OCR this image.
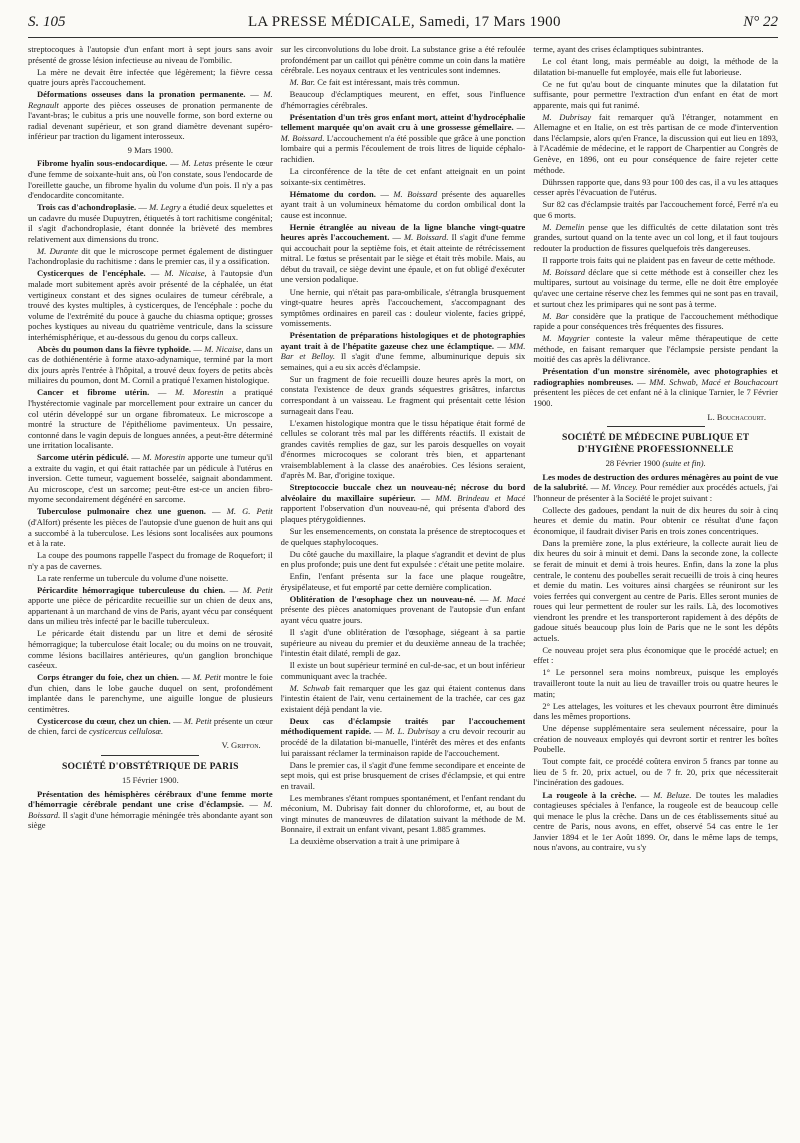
S. 105	LA PRESSE MÉDICALE, Samedi, 17 Mars 1900	N° 22

streptocoques à l'autopsie d'un enfant mort à sept jours sans avoir présenté de grosse lésion infectieuse au niveau de l'ombilic.

La mère ne devait être infectée que légèrement; la fièvre cessa quatre jours après l'accouchement.

Déformations osseuses dans la pronation permanente. — M. Regnault apporte des pièces osseuses de pronation permanente de l'avant-bras; le cubitus a pris une nouvelle forme, son bord externe ou radial devenant supérieur, et son grand diamètre devenant supéro-inférieur par traction du ligament interosseux.

9 Mars 1900.

Fibrome hyalin sous-endocardique. — M. Letas présente le cœur d'une femme de soixante-huit ans, où l'on constate, sous l'endocarde de l'oreillette gauche, un fibrome hyalin du volume d'un pois. Il n'y a pas d'endocardite concomitante.

Trois cas d'achondroplasie. — M. Legry a étudié deux squelettes et un cadavre du musée Dupuytren, étiquetés à tort rachitisme congénital; il s'agit d'achondroplasie, étant donnée la brièveté des membres relativement aux dimensions du tronc.

M. Durante dit que le microscope permet également de distinguer l'achondroplasie du rachitisme : dans le premier cas, il y a ossification.

Cysticerques de l'encéphale. — M. Nicaise, à l'autopsie d'un malade mort subitement après avoir présenté de la céphalée, un état vertigineux constant et des signes oculaires de tumeur cérébrale, a trouvé des kystes multiples, à cysticerques, de l'encéphale : poche du volume de l'extrémité du pouce à gauche du chiasma optique; grosses poches kystiques au niveau du quatrième ventricule, dans la scissure interhémisphérique, et au-dessous du genou du corps calleux.

Abcès du poumon dans la fièvre typhoïde. — M. Nicaise, dans un cas de dothiénentérie à forme ataxo-adynamique, terminé par la mort dix jours après l'entrée à l'hôpital, a trouvé deux foyers de petits abcès miliaires du poumon, dont M. Cornil a pratiqué l'examen histologique.

Cancer et fibrome utérin. — M. Morestin a pratiqué l'hystérectomie vaginale par morcellement pour extraire un cancer du col utérin développé sur un organe fibromateux. Le microscope a montré la structure de l'épithéliome pavimenteux. Un pessaire, contonné dans le vagin depuis de longues années, a peut-être déterminé une irritation localisante.

Sarcome utérin pédiculé. — M. Morestin apporte une tumeur qu'il a extraite du vagin, et qui était rattachée par un pédicule à l'utérus en inversion. Cette tumeur, vaguement bosselée, saignait abondamment. Au microscope, c'est un sarcome; peut-être est-ce un ancien fibro-myome secondairement dégénéré en sarcome.

Tuberculose pulmonaire chez une guenon. — M. G. Petit (d'Alfort) présente les pièces de l'autopsie d'une guenon de huit ans qui a succombé à la tuberculose. Les lésions sont localisées aux poumons et à la rate.

La coupe des poumons rappelle l'aspect du fromage de Roquefort; il n'y a pas de cavernes.

La rate renferme un tubercule du volume d'une noisette.

Péricardite hémorragique tuberculeuse du chien. — M. Petit apporte une pièce de péricardite recueillie sur un chien de deux ans, appartenant à un marchand de vins de Paris, ayant vécu par conséquent dans un milieu très infecté par le bacille tuberculeux.

Le péricarde était distendu par un litre et demi de sérosité hémorragique; la tuberculose était locale; ou du moins on ne trouvait, comme lésions bacillaires antérieures, qu'un ganglion bronchique caséeux.

Corps étranger du foie, chez un chien. — M. Petit montre le foie d'un chien, dans le lobe gauche duquel on sent, profondément implantée dans le parenchyme, une aiguille longue de plusieurs centimètres.

Cysticercose du cœur, chez un chien. — M. Petit présente un cœur de chien, farci de cysticercus cellulosæ.

V. Griffon.

SOCIÉTÉ D'OBSTÉTRIQUE DE PARIS

15 Février 1900.

Présentation des hémisphères cérébraux d'une femme morte d'hémorragie cérébrale pendant une crise d'éclampsie. — M. Boissard. Il s'agit d'une hémorragie méningée très abondante ayant son siège

sur les circonvolutions du lobe droit. La substance grise a été refoulée profondément par un caillot qui pénètre comme un coin dans la matière cérébrale. Les noyaux centraux et les ventricules sont indemnes.

M. Bar. Ce fait est intéressant, mais très commun.

Beaucoup d'éclamptiques meurent, en effet, sous l'influence d'hémorragies cérébrales.

Présentation d'un très gros enfant mort, atteint d'hydrocéphalie tellement marquée qu'on avait cru à une grossesse gémellaire. — M. Boissard. L'accouchement n'a été possible que grâce à une ponction lombaire qui a permis l'écoulement de trois litres de liquide céphalo-rachidien.

La circonférence de la tête de cet enfant atteignait en un point soixante-six centimètres.

Hématome du cordon. — M. Boissard présente des aquarelles ayant trait à un volumineux hématome du cordon ombilical dont la cause est inconnue.

Hernie étranglée au niveau de la ligne blanche vingt-quatre heures après l'accouchement. — M. Boissard. Il s'agit d'une femme qui accouchait pour la septième fois, et était atteinte de rétrécissement mitral. Le fœtus se présentait par le siège et était très mobile. Mais, au début du travail, ce siège devint une épaule, et on fut obligé d'exécuter une version podalique.

Une hernie, qui n'était pas para-ombilicale, s'étrangla brusquement vingt-quatre heures après l'accouchement, s'accompagnant des symptômes ordinaires en pareil cas : douleur violente, facies grippé, vomissements.

Présentation de préparations histologiques et de photographies ayant trait à de l'hépatite gazeuse chez une éclamptique. — MM. Bar et Belloy. Il s'agit d'une femme, albuminurique depuis six semaines, qui a eu six accès d'éclampsie.

Sur un fragment de foie recueilli douze heures après la mort, on constata l'existence de deux grands séquestres grisâtres, infarctus correspondant à un vaisseau. Le fragment qui présentait cette lésion surnageait dans l'eau.

L'examen histologique montra que le tissu hépatique était formé de cellules se colorant très mal par les différents réactifs. Il existait de grandes cavités remplies de gaz, sur les parois desquelles on voyait d'énormes microcoques se colorant très bien, et appartenant vraisemblablement à la classe des anaérobies. Ces lésions seraient, d'après M. Bar, d'origine toxique.

Streptococcie buccale chez un nouveau-né; nécrose du bord alvéolaire du maxillaire supérieur. — MM. Brindeau et Macé rapportent l'observation d'un nouveau-né, qui présenta d'abord des plaques ptérygoïdiennes.

Sur les ensemencements, on constata la présence de streptocoques et de quelques staphylocoques.

Du côté gauche du maxillaire, la plaque s'agrandit et devint de plus en plus profonde; puis une dent fut expulsée : c'était une petite molaire.

Enfin, l'enfant présenta sur la face une plaque rougeâtre, érysipélateuse, et fut emporté par cette dernière complication.

Oblitération de l'œsophage chez un nouveau-né. — M. Macé présente des pièces anatomiques provenant de l'autopsie d'un enfant ayant vécu quatre jours.

Il s'agit d'une oblitération de l'œsophage, siégeant à sa partie supérieure au niveau du premier et du deuxième anneau de la trachée; l'intestin était dilaté, rempli de gaz.

Il existe un bout supérieur terminé en cul-de-sac, et un bout inférieur communiquant avec la trachée.

M. Schwab fait remarquer que les gaz qui étaient contenus dans l'intestin étaient de l'air, venu certainement de la trachée, car ces gaz existaient déjà pendant la vie.

Deux cas d'éclampsie traités par l'accouchement méthodiquement rapide. — M. L. Dubrisay a cru devoir recourir au procédé de la dilatation bi-manuelle, l'intérêt des mères et des enfants lui paraissant réclamer la terminaison rapide de l'accouchement.

Dans le premier cas, il s'agit d'une femme secondipare et enceinte de sept mois, qui est prise brusquement de crises d'éclampsie, et qui entre en travail.

Les membranes s'étant rompues spontanément, et l'enfant rendant du méconium, M. Dubrisay fait donner du chloroforme, et, au bout de vingt minutes de manœuvres de dilatation suivant la méthode de M. Bonnaire, il extrait un enfant vivant, pesant 1.885 grammes.

La deuxième observation a trait à une primipare à

terme, ayant des crises éclamptiques subintrantes.

Le col étant long, mais perméable au doigt, la méthode de la dilatation bi-manuelle fut employée, mais elle fut laborieuse.

Ce ne fut qu'au bout de cinquante minutes que la dilatation fut suffisante, pour permettre l'extraction d'un enfant en état de mort apparente, mais qui fut ranimé.

M. Dubrisay fait remarquer qu'à l'étranger, notamment en Allemagne et en Italie, on est très partisan de ce mode d'intervention dans l'éclampsie, alors qu'en France, la discussion qui eut lieu en 1893, à l'Académie de médecine, et le rapport de Charpentier au Congrès de Genève, en 1896, ont eu pour conséquence de faire rejeter cette méthode.

Dührssen rapporte que, dans 93 pour 100 des cas, il a vu les attaques cesser après l'évacuation de l'utérus.

Sur 82 cas d'éclampsie traités par l'accouchement forcé, Ferré n'a eu que 6 morts.

M. Demelin pense que les difficultés de cette dilatation sont très grandes, surtout quand on la tente avec un col long, et il faut toujours redouter la production de fissures quelquefois très dangereuses.

Il rapporte trois faits qui ne plaident pas en faveur de cette méthode.

M. Boissard déclare que si cette méthode est à conseiller chez les multipares, surtout au voisinage du terme, elle ne doit être employée qu'avec une certaine réserve chez les femmes qui ne sont pas en travail, et surtout chez les primipares qui ne sont pas à terme.

M. Bar considère que la pratique de l'accouchement méthodique rapide a pour conséquences très fréquentes des fissures.

M. Maygrier conteste la valeur même thérapeutique de cette méthode, en faisant remarquer que l'éclampsie persiste pendant la moitié des cas après la délivrance.

Présentation d'un monstre sirénomèle, avec photographies et radiographies nombreuses. — MM. Schwab, Macé et Bouchacourt présentent les pièces de cet enfant né à la clinique Tarnier, le 7 Février 1900.

L. Bouchacourt.

SOCIÉTÉ DE MÉDECINE PUBLIQUE ET D'HYGIÈNE PROFESSIONNELLE

28 Février 1900 (suite et fin).

Les modes de destruction des ordures ménagères au point de vue de la salubrité. — M. Vincey. Pour remédier aux procédés actuels, j'ai l'honneur de présenter à la Société le projet suivant :

Collecte des gadoues, pendant la nuit de dix heures du soir à cinq heures et demie du matin. Pour obtenir ce résultat d'une façon économique, il faudrait diviser Paris en trois zones concentriques.

Dans la première zone, la plus extérieure, la collecte aurait lieu de dix heures du soir à minuit et demi. Dans la seconde zone, la collecte se ferait de minuit et demi à trois heures. Enfin, dans la zone la plus centrale, le contenu des poubelles serait recueilli de trois à cinq heures et demie du matin. Les voitures ainsi chargées se réuniront sur les voies ferrées qui convergent au centre de Paris. Elles seront munies de roues qui leur permettent de rouler sur les rails. Là, des locomotives viendront les prendre et les transporteront rapidement à des dépôts de gadoue situés beaucoup plus loin de Paris que ne le sont les dépôts actuels.

Ce nouveau projet sera plus économique que le procédé actuel; en effet :

1° Le personnel sera moins nombreux, puisque les employés travailleront toute la nuit au lieu de travailler trois ou quatre heures le matin;

2° Les attelages, les voitures et les chevaux pourront être diminués dans les mêmes proportions.

Une dépense supplémentaire sera seulement nécessaire, pour la création de nouveaux employés qui devront sortir et rentrer les boîtes Poubelle.

Tout compte fait, ce procédé coûtera environ 5 francs par tonne au lieu de 5 fr. 20, prix actuel, ou de 7 fr. 20, prix que nécessiterait l'incinération des gadoues.

La rougeole à la crèche. — M. Beluze. De toutes les maladies contagieuses spéciales à l'enfance, la rougeole est de beaucoup celle qui menace le plus la crèche. Dans un de ces établissements situé au centre de Paris, nous avons, en effet, observé 54 cas entre le 1er Janvier 1894 et le 1er Août 1899. Or, dans le même laps de temps, nous n'avons, au contraire, vu s'y
